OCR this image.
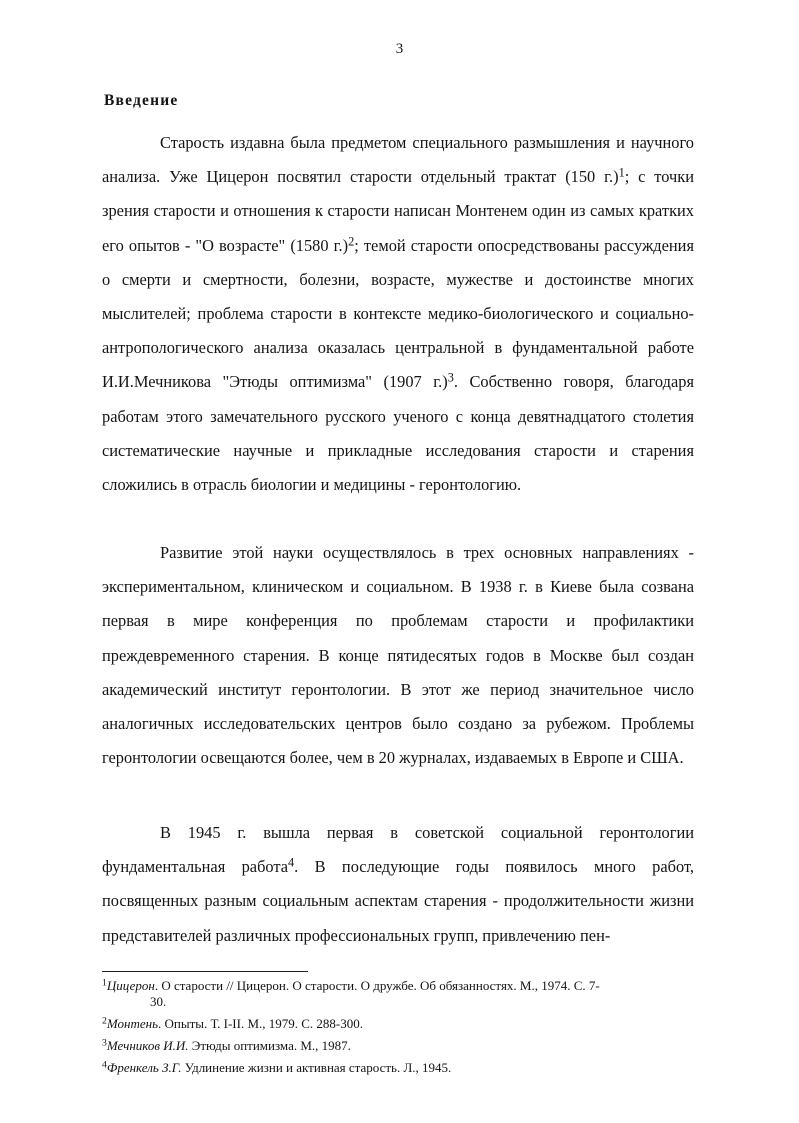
3
Введение
Старость издавна была предметом специального размышления и научного анализа. Уже Цицерон посвятил старости отдельный трактат (150 г.)$^1$; с точки зрения старости и отношения к старости написан Монтенем один из самых кратких его опытов - "О возрасте" (1580 г.)$^2$; темой старости опосредствованы рассуждения о смерти и смертности, болезни, возрасте, мужестве и достоинстве многих мыслителей; проблема старости в контексте медико-биологического и социально-антропологического анализа оказалась центральной в фундаментальной работе И.И.Мечникова "Этюды оптимизма" (1907 г.)$^3$. Собственно говоря, благодаря работам этого замечательного русского ученого с конца девятнадцатого столетия систематические научные и прикладные исследования старости и старения сложились в отрасль биологии и медицины - геронтологию.
Развитие этой науки осуществлялось в трех основных направлениях - экспериментальном, клиническом и социальном. В 1938 г. в Киеве была созвана первая в мире конференция по проблемам старости и профилактики преждевременного старения. В конце пятидесятых годов в Москве был создан академический институт геронтологии. В этот же период значительное число аналогичных исследовательских центров было создано за рубежом. Проблемы геронтологии освещаются более, чем в 20 журналах, издаваемых в Европе и США.
В 1945 г. вышла первая в советской социальной геронтологии фундаментальная работа$^4$. В последующие годы появилось много работ, посвященных разным социальным аспектам старения - продолжительности жизни представителей различных профессиональных групп, привлечению пен-
$^1$Цицерон. О старости // Цицерон. О старости. О дружбе. Об обязанностях. М., 1974. С. 7-
30.
$^2$Монтень. Опыты. Т. I-II. М., 1979. С. 288-300.
$^3$Мечников И.И. Этюды оптимизма. М., 1987.
$^4$Френкель З.Г. Удлинение жизни и активная старость. Л., 1945.
